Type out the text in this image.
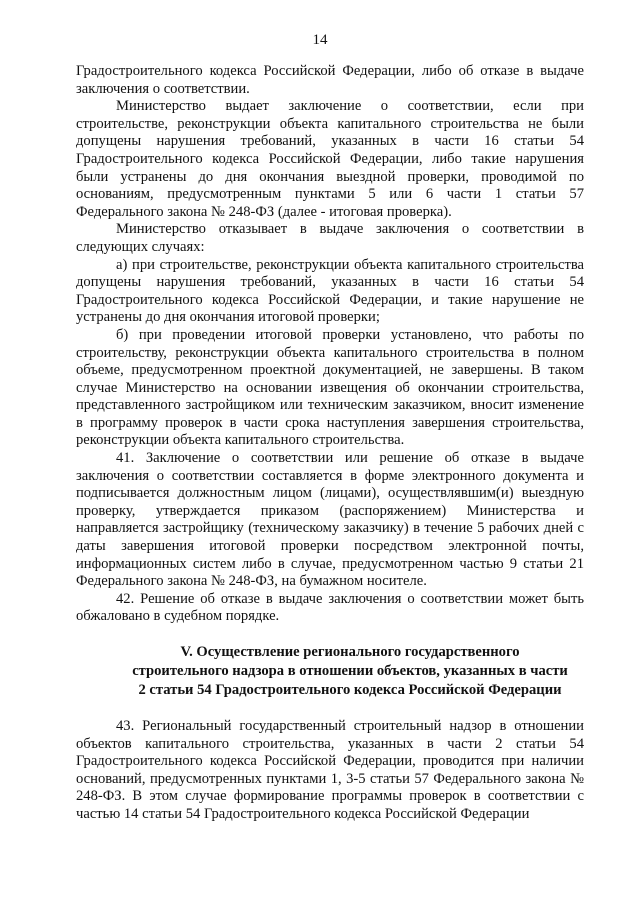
14

Градостроительного кодекса Российской Федерации, либо об отказе в выдаче заключения о соответствии.

Министерство выдает заключение о соответствии, если при строительстве, реконструкции объекта капитального строительства не были допущены нарушения требований, указанных в части 16 статьи 54 Градостроительного кодекса Российской Федерации, либо такие нарушения были устранены до дня окончания выездной проверки, проводимой по основаниям, предусмотренным пунктами 5 или 6 части 1 статьи 57 Федерального закона № 248-ФЗ (далее - итоговая проверка).

Министерство отказывает в выдаче заключения о соответствии в следующих случаях:

а) при строительстве, реконструкции объекта капитального строительства допущены нарушения требований, указанных в части 16 статьи 54 Градостроительного кодекса Российской Федерации, и такие нарушение не устранены до дня окончания итоговой проверки;

б) при проведении итоговой проверки установлено, что работы по строительству, реконструкции объекта капитального строительства в полном объеме, предусмотренном проектной документацией, не завершены. В таком случае Министерство на основании извещения об окончании строительства, представленного застройщиком или техническим заказчиком, вносит изменение в программу проверок в части срока наступления завершения строительства, реконструкции объекта капитального строительства.

41. Заключение о соответствии или решение об отказе в выдаче заключения о соответствии составляется в форме электронного документа и подписывается должностным лицом (лицами), осуществлявшим(и) выездную проверку, утверждается приказом (распоряжением) Министерства и направляется застройщику (техническому заказчику) в течение 5 рабочих дней с даты завершения итоговой проверки посредством электронной почты, информационных систем либо в случае, предусмотренном частью 9 статьи 21 Федерального закона № 248-ФЗ, на бумажном носителе.

42. Решение об отказе в выдаче заключения о соответствии может быть обжаловано в судебном порядке.

V. Осуществление регионального государственного
строительного надзора в отношении объектов, указанных в части
2 статьи 54 Градостроительного кодекса Российской Федерации

43. Региональный государственный строительный надзор в отношении объектов капитального строительства, указанных в части 2 статьи 54 Градостроительного кодекса Российской Федерации, проводится при наличии оснований, предусмотренных пунктами 1, 3-5 статьи 57 Федерального закона № 248-ФЗ. В этом случае формирование программы проверок в соответствии с частью 14 статьи 54 Градостроительного кодекса Российской Федерации
